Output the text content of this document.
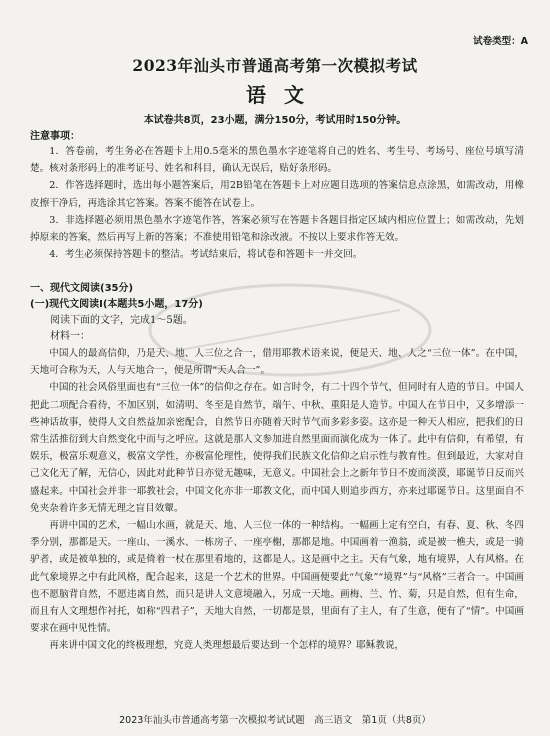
试卷类型：A
2023年汕头市普通高考第一次模拟考试
语文
本试卷共8页，23小题，满分150分，考试用时150分钟。
注意事项：

1．答卷前，考生务必在答题卡上用0.5毫米的黑色墨水字迹笔将自己的姓名、考生号、考场号、座位号填写清楚。核对条形码上的准考证号、姓名和科目，确认无误后，贴好条形码。

2．作答选择题时，选出每小题答案后，用2B铅笔在答题卡上对应题目选项的答案信息点涂黑，如需改动，用橡皮擦干净后，再选涂其它答案。答案不能答在试卷上。

3．非选择题必须用黑色墨水字迹笔作答，答案必须写在答题卡各题目指定区域内相应位置上；如需改动，先划掉原来的答案，然后再写上新的答案；不准使用铅笔和涂改液。不按以上要求作答无效。

4．考生必须保持答题卡的整洁。考试结束后，将试卷和答题卡一并交回。

一、现代文阅读(35分)
(一)现代文阅读I(本题共5小题，17分)
阅读下面的文字，完成1～5题。
材料一：

中国人的最高信仰，乃是天、地、人三位之合一，借用耶教术语来说，便是天、地、人之“三位一体”。在中国，天地可合称为天，人与天地合一，便是所谓“天人合一”。

中国的社会风俗里面也有“三位一体”的信仰之存在。如言时令，有二十四个节气，但同时有人造的节日。中国人把此二项配合看待，不加区别，如清明、冬至是自然节，端午、中秋、重阳是人造节。中国人在节日中，又多增添一些神话故事，使得人文自然益加亲密配合，自然节日亦随着天时节气而多彩多姿。这亦是一种天人相应，把我们的日常生活推衍到大自然变化中而与之呼应。这就是那人文参加进自然里面而演化成为一体了。此中有信仰，有希望，有娱乐，极富乐观意义，极富文学性，亦极富伦理性，使得我们民族文化信仰之启示性与教育性。但到最近，大家对自己文化无了解，无信心，因此对此种节日亦觉无趣味，无意义。中国社会上之新年节日不废而淡漠，耶诞节日反而兴盛起来。中国社会并非一耶教社会，中国文化亦非一耶教文化，而中国人则追步西方，亦来过耶诞节日。这里面自不免夹杂着许多无情无理之盲目效颦。

再讲中国的艺术，一幅山水画，就是天、地、人三位一体的一种结构。一幅画上定有空白，有春、夏、秋、冬四季分别，那都是天。一座山、一溪水、一栋房子、一座亭榭，那都是地。中国画着一渔翁，或是被一樵夫，或是一骑驴者，或是被单独的，或是倚着一杖在那里看地的，这都是人。这是画中之主。天有气象，地有境界，人有风格。在此气象境界之中有此风格，配合起来，这是一个艺术的世界。中国画便要此“气象”“境界”与“风格”三者合一。中国画也不愿脑背自然，不愿违离自然，而只是讲人文意境融入，另成一天地。画梅、兰、竹、菊，只是自然，但有生命，而且有人文理想作衬托，如称“四君子”，天地大自然，一切都是景，里面有了主人，有了生意，便有了“情”。中国画要求在画中见性情。

再来讲中国文化的终极理想，究竟人类理想最后要达到一个怎样的境界？耶稣教说，

2023年汕头市普通高考第一次模拟考试试题　高三语文　第1页（共8页）
